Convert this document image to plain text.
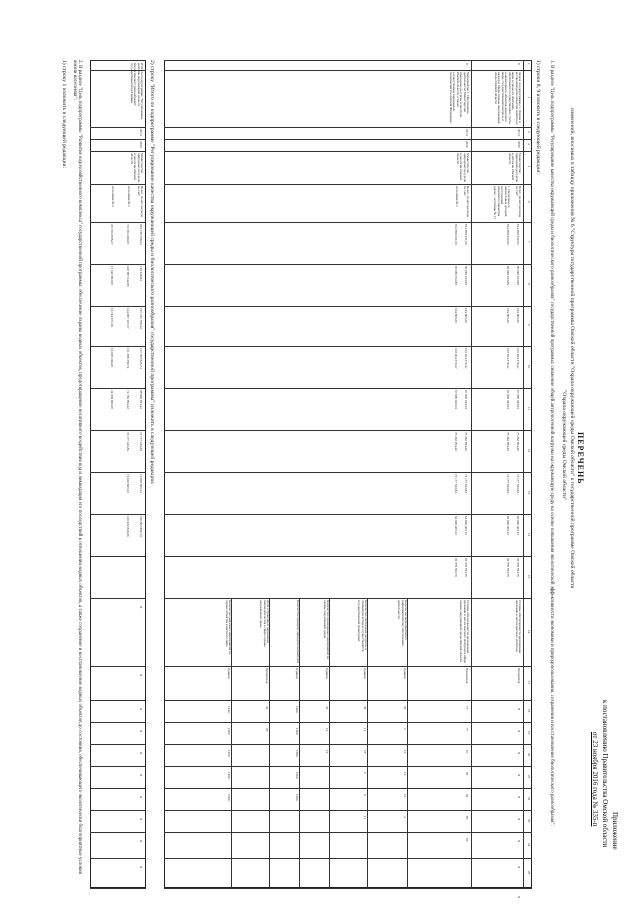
Приложение
к постановлению Правительства Омской области
от 23 ноября 2016 года № 335-п
ПЕРЕЧЕНЬ
изменений, вносимых в таблицу приложения № 6 "Структура государственной программы Омской области "Охрана окружающей среды Омской области" к государственной программе Омской области
"Охрана окружающей среды Омской области"
1. В разделе "Цель подпрограммы "Регулирование качества окружающей среды и биологического разнообразия" государственной программы: снижение общей антропогенной нагрузки на окружающую среду на основе повышения экологической эффективности экономики и природопользования, сохранения и восстановление биологического разнообразия":
1) строки 8, 9 изложить в следующей редакции:
10
11
12
13
14
15
16
17
18
19
20
21
22
23
24
25
Задача 4 подпрограммы 1. Охрана и воспроизводство объектов животного мира и среды их обитания, обеспечение государственного учета и мониторинга объектов животного мира, государственный контроль и надзор в сфере охраны окружающей среды Омской области
2014
2020
Министерство природных ресурсов и экологии Омской области
Всего, из них расходы за счет:
1. Налоговых и неналоговых доходов, поступлений нецелевого характера (далее – источник № 1)
614 998 322,93
90 069 192,85
164 865,29
102 264 370,47
67 696 333,94
75 362 994,42
72 177 532,84
64 826 409,12
92 976 553,76
614 998 322,93
90 069 192,85
164 865,29
102 264 370,47
67 696 333,94
75 362 994,42
72 177 532,84
64 826 409,12
92 976 553,76
Степень обеспеченности надзорными органами и экологического контроля
Процентов
X
X
X
X
X
X
X
X
X
Мероприятие 1. Обеспечение деятельности Министерства природных ресурсов и экологии Омской области, а также осуществление переданных полномочий Российской Федерации
2014
2020
Министерство природных ресурсов и экологии Омской области
Всего, из них расходы за счет:
источника № 1
614 998 321,93
90 069 192,85
164 865,29
102 264 370,47
67 696 333,94
75 362 994,42
72 177 532,84
64 826 409,12
92 976 553,76
614 998 321,93
90 069 192,85
164 865,29
102 264 370,47
67 696 333,94
75 362 994,42
72 177 532,84
64 826 409,12
92 976 553,76
Степень обеспеченности надзорными органами и экологического контроля в сфере охраны окружающей среды Омской области
Процентов
77
77
97
92
92
93
95
Количество мероприятий по информационному обеспечению деятельности
Единиц
20
13
13
13
Количество охотничьих ресурсов, в отношении которых осуществляется государственный мониторинг
Единиц
26
14
18
11
Количество проведенных мероприятий по охране окружающей среды
Единиц
24
12
15
Количество проверок природопользователей
Единиц
1400
1500
1500
1500
1300
Доля устраненных нарушений законодательства в сфере охраны окружающей среды
Процентов
22
25
Количество рейдовых мероприятий по охране объектов животного мира
Единиц
1440
1400
1420
1400
1300
2) строку "Итого по подпрограмме "Регулирование качества окружающей среды и биологического разнообразия" государственной программы" изложить в следующей редакции:
Итого по подпрограмме "Регулирование качества окружающей среды и биологического разнообразия" государственной программы
2014
2020
Министерство природных ресурсов и экологии Омской области
Всего, из них расходы за счет:
источника № 1
источника № 2
923 156 298,34
118 236,84
161 731 780,43
127 395 605,74
98 820 994,42
72 777 432,84
74 892 099,12
169 892 869,13
711 563 460,07
100 987 342,85
144 987 107,27
111 386 359,74
74 782 994,42
72 177 432,84
74 602 609,12
149 492 843,36
211 592 838,27
17 249 893,99
16 744 673,16
16 009 246,00
24 038 000,00
X
X
X
X
X
X
X
X
X
X
2. В разделе "Цель подпрограммы "Развитие водохозяйственного комплекса" государственной программы: обеспечение охраны водных объектов, предотвращение негативного воздействия вод и ликвидация его последствий в отношении водных объектов, а также сохранение и восстановление водных объектов до состояния, обеспечивающего экологически благоприятные условия жизни населения":
1) строку 1 изложить в следующей редакции:
